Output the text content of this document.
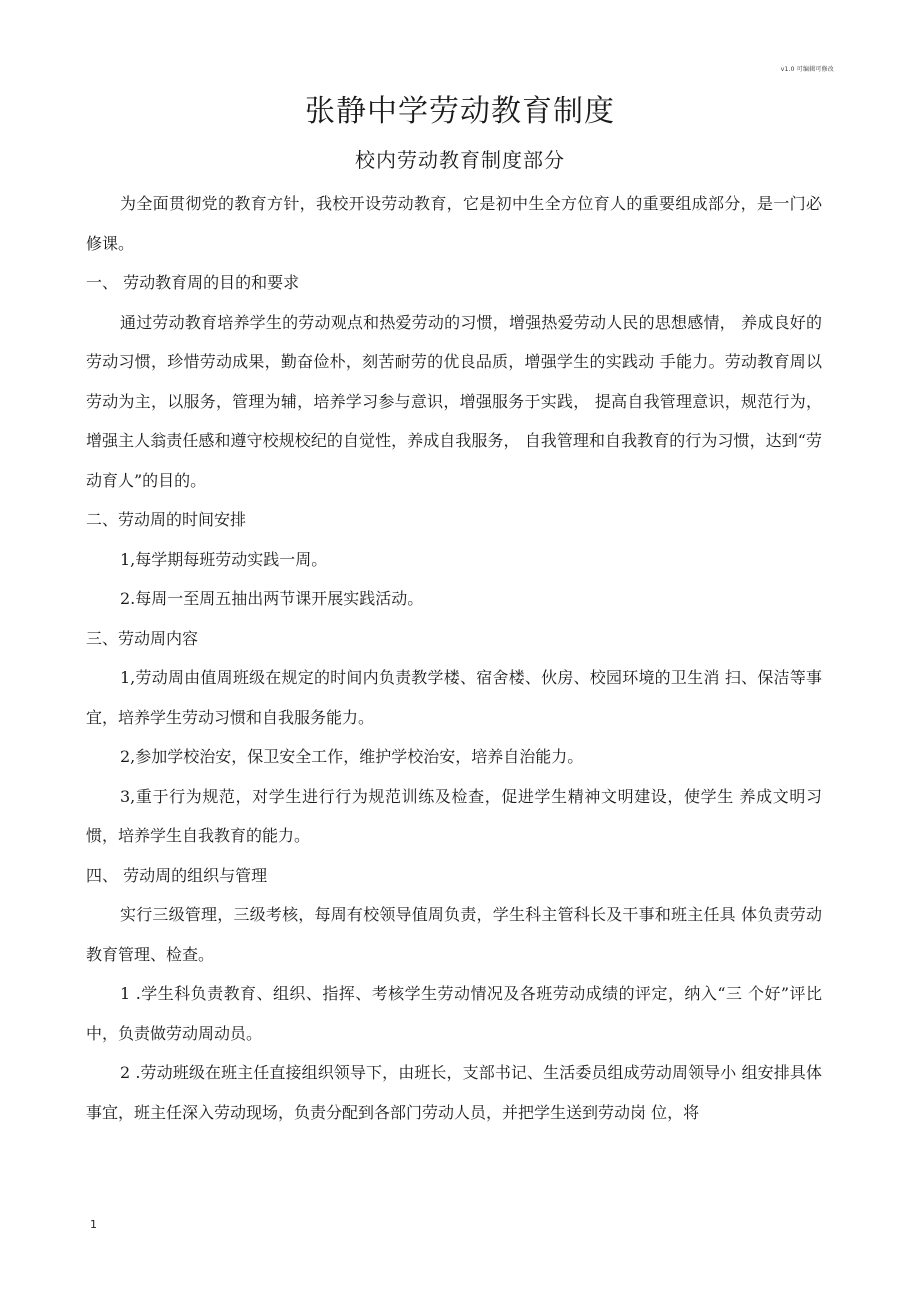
v1.0 可编辑可修改
张静中学劳动教育制度
校内劳动教育制度部分

为全面贯彻党的教育方针，我校开设劳动教育，它是初中生全方位育人的重要组成部分，是一门必修课。

一、 劳动教育周的目的和要求

通过劳动教育培养学生的劳动观点和热爱劳动的习惯，增强热爱劳动人民的思想感情， 养成良好的劳动习惯，珍惜劳动成果，勤奋俭朴，刻苦耐劳的优良品质，增强学生的实践动 手能力。劳动教育周以劳动为主，以服务，管理为辅，培养学习参与意识，增强服务于实践， 提高自我管理意识，规范行为，增强主人翁责任感和遵守校规校纪的自觉性，养成自我服务， 自我管理和自我教育的行为习惯，达到“劳动育人”的目的。

二、劳动周的时间安排

1,每学期每班劳动实践一周。

2.每周一至周五抽出两节课开展实践活动。

三、劳动周内容

1,劳动周由值周班级在规定的时间内负责教学楼、宿舍楼、伙房、校园环境的卫生消 扫、保洁等事宜，培养学生劳动习惯和自我服务能力。

2,参加学校治安，保卫安全工作，维护学校治安，培养自治能力。

3,重于行为规范，对学生进行行为规范训练及检查，促进学生精神文明建设，使学生 养成文明习惯，培养学生自我教育的能力。

四、 劳动周的组织与管理

实行三级管理，三级考核，每周有校领导值周负责，学生科主管科长及干事和班主任具 体负责劳动教育管理、检查。

1 .学生科负责教育、组织、指挥、考核学生劳动情况及各班劳动成绩的评定，纳入“三 个好”评比中，负责做劳动周动员。

2 .劳动班级在班主任直接组织领导下，由班长，支部书记、生活委员组成劳动周领导小 组安排具体事宜，班主任深入劳动现场，负责分配到各部门劳动人员，并把学生送到劳动岗 位，将

1
